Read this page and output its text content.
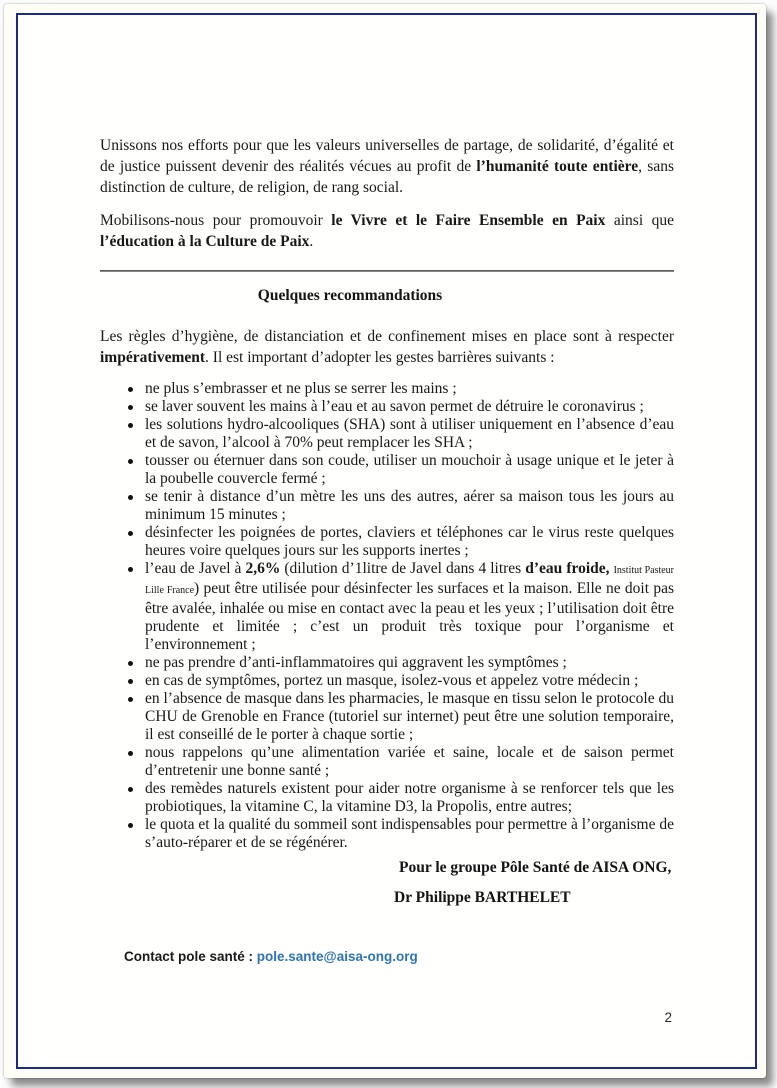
Unissons nos efforts pour que les valeurs universelles de partage, de solidarité, d’égalité et de justice puissent devenir des réalités vécues au profit de l’humanité toute entière, sans distinction de culture, de religion, de rang social.

Mobilisons-nous pour promouvoir le Vivre et le Faire Ensemble en Paix ainsi que l’éducation à la Culture de Paix.

Quelques recommandations

Les règles d’hygiène, de distanciation et de confinement mises en place sont à respecter impérativement. Il est important d’adopter les gestes barrières suivants :

ne plus s’embrasser et ne plus se serrer les mains ;
se laver souvent les mains à l’eau et au savon permet de détruire le coronavirus ;
les solutions hydro-alcooliques (SHA) sont à utiliser uniquement en l’absence d’eau et de savon, l’alcool à 70% peut remplacer les SHA ;
tousser ou éternuer dans son coude, utiliser un mouchoir à usage unique et le jeter à la poubelle couvercle fermé ;
se tenir à distance d’un mètre les uns des autres, aérer sa maison tous les jours au minimum 15 minutes ;
désinfecter les poignées de portes, claviers et téléphones car le virus reste quelques heures voire quelques jours sur les supports inertes ;
l’eau de Javel à 2,6% (dilution d’1litre de Javel dans 4 litres d’eau froide, Institut Pasteur Lille France) peut être utilisée pour désinfecter les surfaces et la maison. Elle ne doit pas être avalée, inhalée ou mise en contact avec la peau et les yeux ; l’utilisation doit être prudente et limitée ; c’est un produit très toxique pour l’organisme et l’environnement ;
ne pas prendre d’anti-inflammatoires qui aggravent les symptômes ;
en cas de symptômes, portez un masque, isolez-vous et appelez votre médecin ;
en l’absence de masque dans les pharmacies, le masque en tissu selon le protocole du CHU de Grenoble en France (tutoriel sur internet) peut être une solution temporaire, il est conseillé de le porter à chaque sortie ;
nous rappelons qu’une alimentation variée et saine, locale et de saison permet d’entretenir une bonne santé ;
des remèdes naturels existent pour aider notre organisme à se renforcer tels que les probiotiques, la vitamine C, la vitamine D3, la Propolis, entre autres;
le quota et la qualité du sommeil sont indispensables pour permettre à l’organisme de s’auto-réparer et de se régénérer.

Pour le groupe Pôle Santé de AISA ONG,

Dr Philippe BARTHELET

Contact pole santé : pole.sante@aisa-ong.org

2
